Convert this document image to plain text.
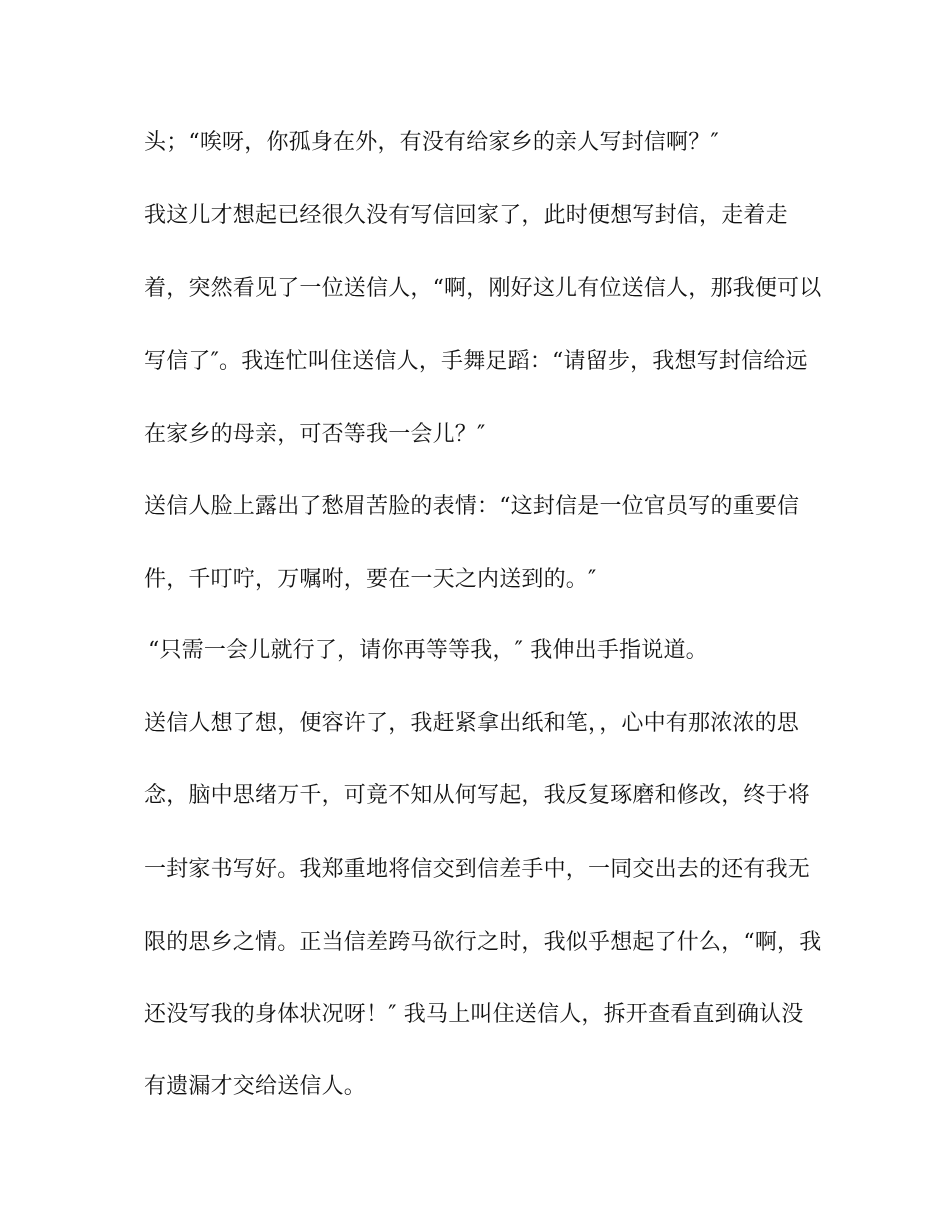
头；“唉呀，你孤身在外，有没有给家乡的亲人写封信啊？″
我这儿才想起已经很久没有写信回家了，此时便想写封信，走着走
着，突然看见了一位送信人，“啊，刚好这儿有位送信人，那我便可以
写信了″。我连忙叫住送信人，手舞足蹈：“请留步，我想写封信给远
在家乡的母亲，可否等我一会儿？″
送信人脸上露出了愁眉苦脸的表情：“这封信是一位官员写的重要信
件，千叮咛，万嘱咐，要在一天之内送到的。″
“只需一会儿就行了，请你再等等我，″ 我伸出手指说道。
送信人想了想，便容许了，我赶紧拿出纸和笔，，心中有那浓浓的思
念，脑中思绪万千，可竟不知从何写起，我反复琢磨和修改，终于将
一封家书写好。我郑重地将信交到信差手中，一同交出去的还有我无
限的思乡之情。正当信差跨马欲行之时，我似乎想起了什么，“啊，我
还没写我的身体状况呀！″ 我马上叫住送信人，拆开查看直到确认没
有遗漏才交给送信人。
